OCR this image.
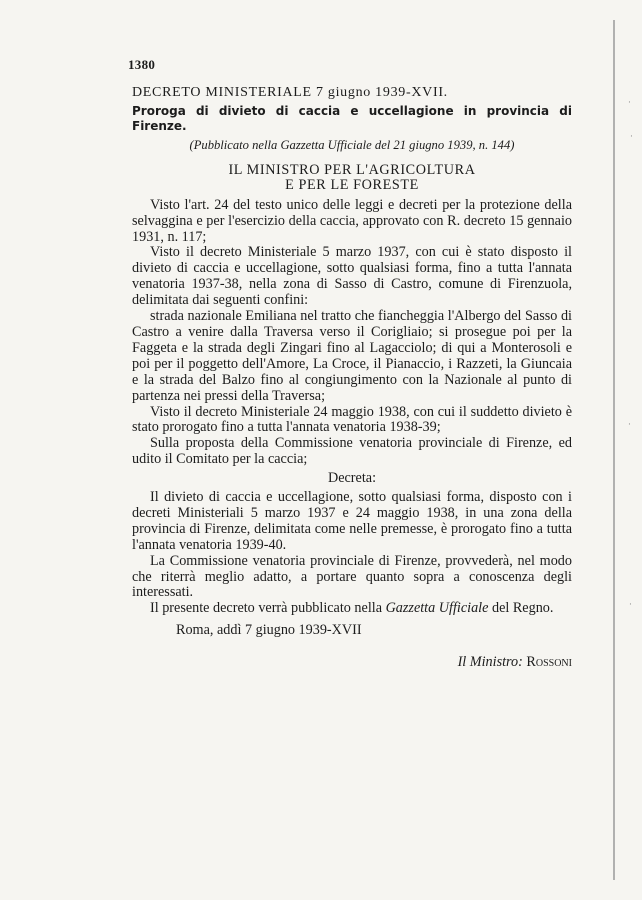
·
·
·
·
1380
DECRETO MINISTERIALE 7 giugno 1939-XVII.
Proroga di divieto di caccia e uccellagione in provincia di Firenze.
(Pubblicato nella Gazzetta Ufficiale del 21 giugno 1939, n. 144)
IL MINISTRO PER L'AGRICOLTURA
E PER LE FORESTE

Visto l'art. 24 del testo unico delle leggi e decreti per la protezione della selvaggina e per l'esercizio della caccia, approvato con R. decreto 15 gennaio 1931, n. 117;

Visto il decreto Ministeriale 5 marzo 1937, con cui è stato disposto il divieto di caccia e uccellagione, sotto qualsiasi forma, fino a tutta l'annata venatoria 1937-38, nella zona di Sasso di Castro, comune di Firenzuola, delimitata dai seguenti confini:

strada nazionale Emiliana nel tratto che fiancheggia l'Albergo del Sasso di Castro a venire dalla Traversa verso il Corigliaio; si prosegue poi per la Faggeta e la strada degli Zingari fino al Lagacciolo; di qui a Monterosoli e poi per il poggetto dell'Amore, La Croce, il Pianaccio, i Razzeti, la Giuncaia e la strada del Balzo fino al congiungimento con la Nazionale al punto di partenza nei pressi della Traversa;

Visto il decreto Ministeriale 24 maggio 1938, con cui il suddetto divieto è stato prorogato fino a tutta l'annata venatoria 1938-39;

Sulla proposta della Commissione venatoria provinciale di Firenze, ed udito il Comitato per la caccia;

Decreta:

Il divieto di caccia e uccellagione, sotto qualsiasi forma, disposto con i decreti Ministeriali 5 marzo 1937 e 24 maggio 1938, in una zona della provincia di Firenze, delimitata come nelle premesse, è prorogato fino a tutta l'annata venatoria 1939-40.

La Commissione venatoria provinciale di Firenze, provvederà, nel modo che riterrà meglio adatto, a portare quanto sopra a conoscenza degli interessati.

Il presente decreto verrà pubblicato nella Gazzetta Ufficiale del Regno.

Roma, addì 7 giugno 1939-XVII

Il Ministro: Rossoni
